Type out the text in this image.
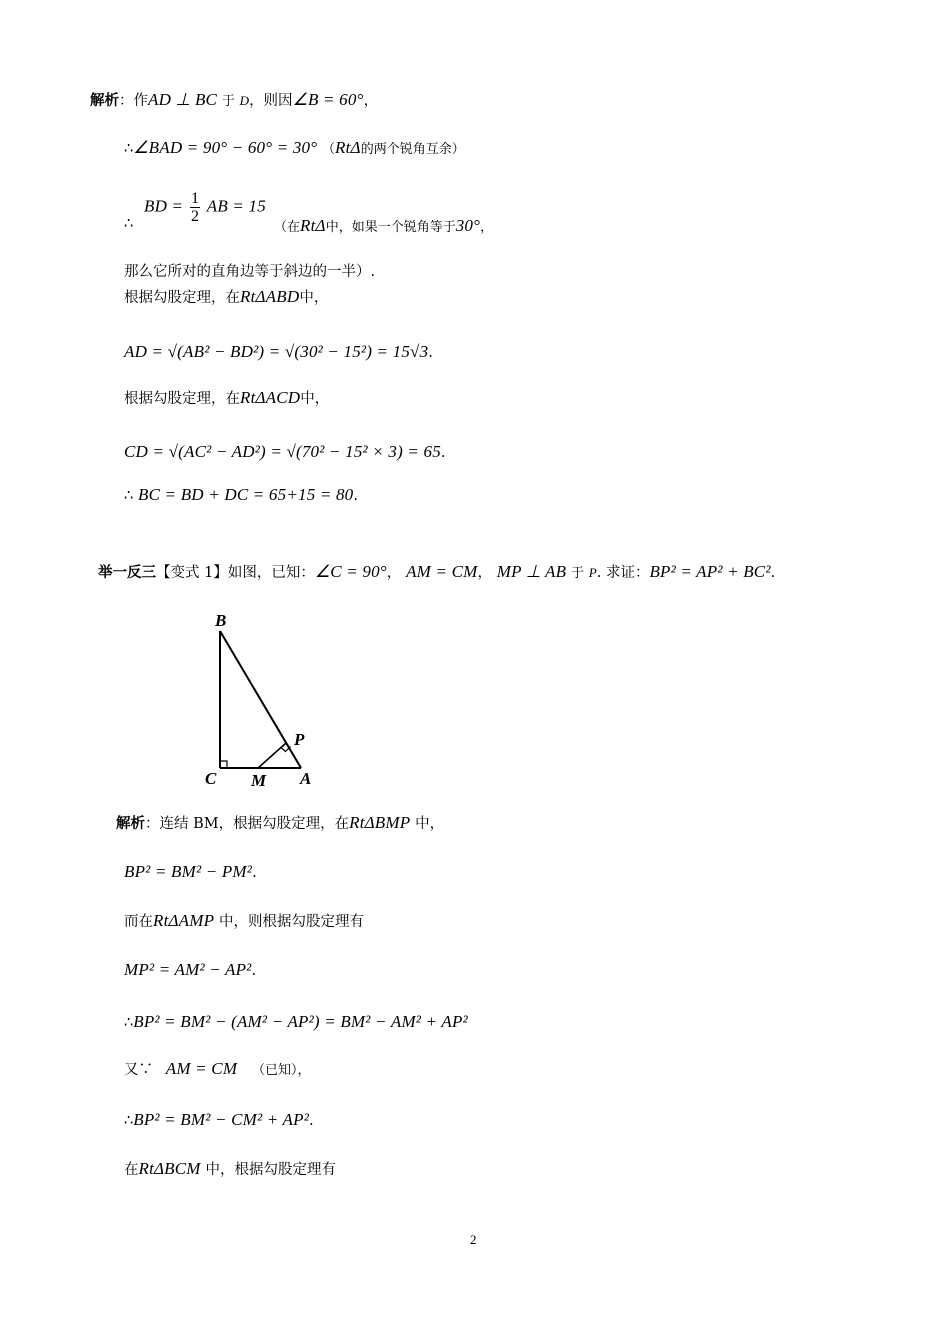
解析：作AD ⊥ BC 于 D，则因∠B = 60°，
∴∠BAD = 90° − 60° = 30° （RtΔ的两个锐角互余）
∴
BD = $\frac{1}{2}$ AB = 15
（在RtΔ中，如果一个锐角等于30°，
那么它所对的直角边等于斜边的一半）.
根据勾股定理，在RtΔABD中，
AD = √(AB² − BD²) = √(30² − 15²) = 15√3.
根据勾股定理，在RtΔACD中，
CD = √(AC² − AD²) = √(70² − 15² × 3) = 65.
∴ BC = BD + DC = 65+15 = 80.
举一反三【变式 1】如图，已知：∠C = 90°， AM = CM， MP ⊥ AB 于 P. 求证：BP² = AP² + BC².
B
C M A
P
解析：连结 BM，根据勾股定理，在RtΔBMP 中，
BP² = BM² − PM².
而在RtΔAMP 中，则根据勾股定理有
MP² = AM² − AP².
∴BP² = BM² − (AM² − AP²) = BM² − AM² + AP²
又∵ AM = CM （已知），
∴BP² = BM² − CM² + AP².
在RtΔBCM 中，根据勾股定理有
2
